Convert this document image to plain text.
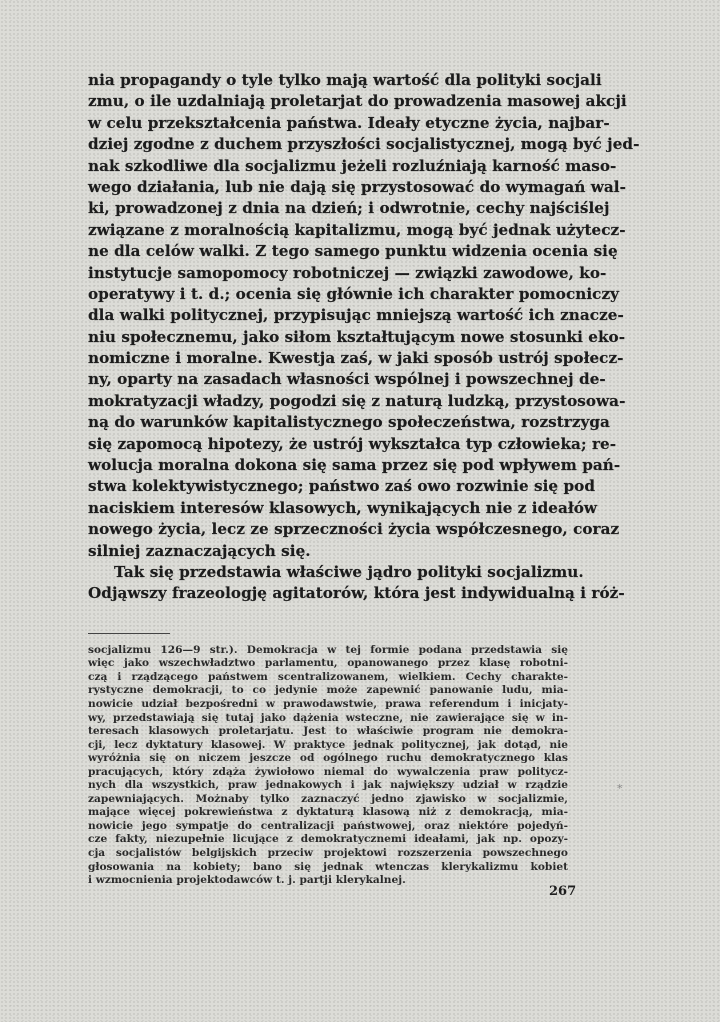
nia propagandy o tyle tylko mają wartość dla polityki socjali
zmu, o ile uzdalniają proletarjat do prowadzenia masowej akcji
w celu przekształcenia państwa. Ideały etyczne życia, najbar-
dziej zgodne z duchem przyszłości socjalistycznej, mogą być jed-
nak szkodliwe dla socjalizmu jeżeli rozluźniają karność maso-
wego działania, lub nie dają się przystosować do wymagań wal-
ki, prowadzonej z dnia na dzień; i odwrotnie, cechy najściślej
związane z moralnością kapitalizmu, mogą być jednak użytecz-
ne dla celów walki. Z tego samego punktu widzenia ocenia się
instytucje samopomocy robotniczej — związki zawodowe, ko-
operatywy i t. d.; ocenia się głównie ich charakter pomocniczy
dla walki politycznej, przypisując mniejszą wartość ich znacze-
niu społecznemu, jako siłom kształtującym nowe stosunki eko-
nomiczne i moralne. Kwestja zaś, w jaki sposób ustrój społecz-
ny, oparty na zasadach własności wspólnej i powszechnej de-
mokratyzacji władzy, pogodzi się z naturą ludzką, przystosowa-
ną do warunków kapitalistycznego społeczeństwa, rozstrzyga
się zapomocą hipotezy, że ustrój wykształca typ człowieka; re-
wolucja moralna dokona się sama przez się pod wpływem pań-
stwa kolektywistycznego; państwo zaś owo rozwinie się pod
naciskiem interesów klasowych, wynikających nie z ideałów
nowego życia, lecz ze sprzeczności życia współczesnego, coraz
silniej zaznaczających się.
Tak się przedstawia właściwe jądro polityki socjalizmu.
Odjąwszy frazeologję agitatorów, która jest indywidualną i róż-
socjalizmu 126—9 str.). Demokracja w tej formie podana przedstawia się
więc jako wszechwładztwo parlamentu, opanowanego przez klasę robotni-
czą i rządzącego państwem scentralizowanem, wielkiem. Cechy charakte-
rystyczne demokracji, to co jedynie może zapewnić panowanie ludu, mia-
nowicie udział bezpośredni w prawodawstwie, prawa referendum i inicjaty-
wy, przedstawiają się tutaj jako dążenia wsteczne, nie zawierające się w in-
teresach klasowych proletarjatu. Jest to właściwie program nie demokra-
cji, lecz dyktatury klasowej. W praktyce jednak politycznej, jak dotąd, nie
wyróżnia się on niczem jeszcze od ogólnego ruchu demokratycznego klas
pracujących, który zdąża żywiołowo niemal do wywalczenia praw politycz-
nych dla wszystkich, praw jednakowych i jak największy udział w rządzie
zapewniających. Możnaby tylko zaznaczyć jedno zjawisko w socjalizmie,
mające więcej pokrewieństwa z dyktaturą klasową niż z demokracją, mia-
nowicie jego sympatje do centralizacji państwowej, oraz niektóre pojedyń-
cze fakty, niezupełnie licujące z demokratycznemi ideałami, jak np. opozy-
cja socjalistów belgijskich przeciw projektowi rozszerzenia powszechnego
głosowania na kobiety; bano się jednak wtenczas klerykalizmu kobiet
i wzmocnienia projektodawców t. j. partji klerykalnej.
267
*
